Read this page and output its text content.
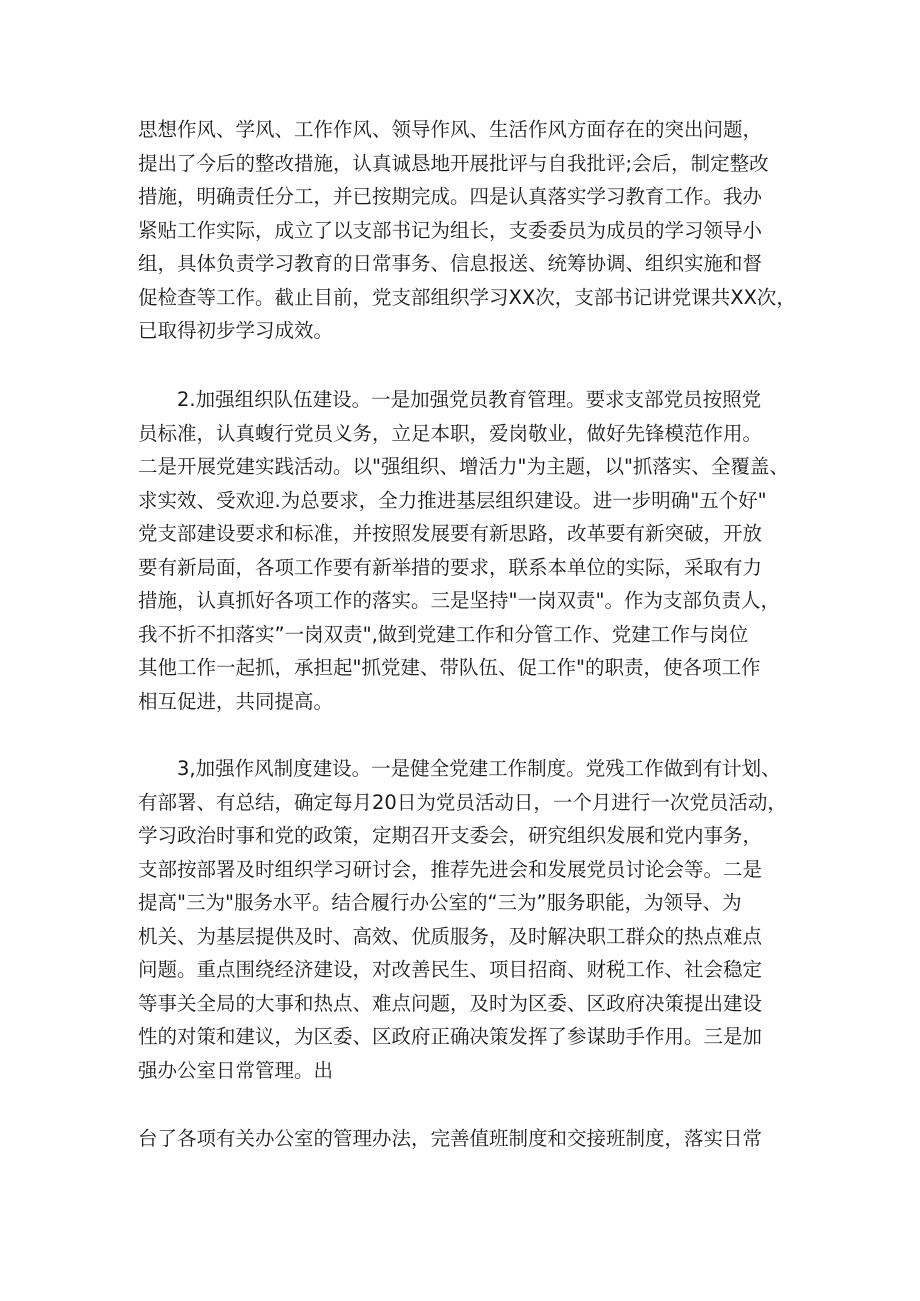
思想作风、学风、工作作风、领导作风、生活作风方面存在的突出问题，
提出了今后的整改措施，认真诚恳地开展批评与自我批评;会后，制定整改
措施，明确责任分工，并已按期完成。四是认真落实学习教育工作。我办
紧贴工作实际，成立了以支部书记为组长，支委委员为成员的学习领导小
组，具体负责学习教育的日常事务、信息报送、统筹协调、组织实施和督
促检查等工作。截止目前，党支部组织学习XX次，支部书记讲党课共XX次，
已取得初步学习成效。
2.加强组织队伍建设。一是加强党员教育管理。要求支部党员按照党
员标准，认真蝮行党员义务，立足本职，爱岗敬业，做好先锋模范作用。
二是开展党建实践活动。以"强组织、增活力"为主题，以"抓落实、全覆盖、
求实效、受欢迎.为总要求，全力推进基层组织建设。进一步明确"五个好"
党支部建设要求和标准，并按照发展要有新思路，改革要有新突破，开放
要有新局面，各项工作要有新举措的要求，联系本单位的实际，采取有力
措施，认真抓好各项工作的落实。三是坚持"一岗双责"。作为支部负责人，
我不折不扣落实”一岗双责",做到党建工作和分管工作、党建工作与岗位
其他工作一起抓，承担起"抓党建、带队伍、促工作"的职责，使各项工作
相互促进，共同提高。
3,加强作风制度建设。一是健全党建工作制度。党残工作做到有计划、
有部署、有总结，确定每月20日为党员活动日，一个月进行一次党员活动，
学习政治时事和党的政策，定期召开支委会，研究组织发展和党内事务，
支部按部署及时组织学习研讨会，推荐先进会和发展党员讨论会等。二是
提高"三为"服务水平。结合履行办公室的“三为”服务职能，为领导、为
机关、为基层提供及时、高效、优质服务，及时解决职工群众的热点难点
问题。重点围绕经济建设，对改善民生、项目招商、财税工作、社会稳定
等事关全局的大事和热点、难点问题，及时为区委、区政府决策提出建设
性的对策和建议，为区委、区政府正确决策发挥了参谋助手作用。三是加
强办公室日常管理。出
台了各项有关办公室的管理办法，完善值班制度和交接班制度，落实日常
